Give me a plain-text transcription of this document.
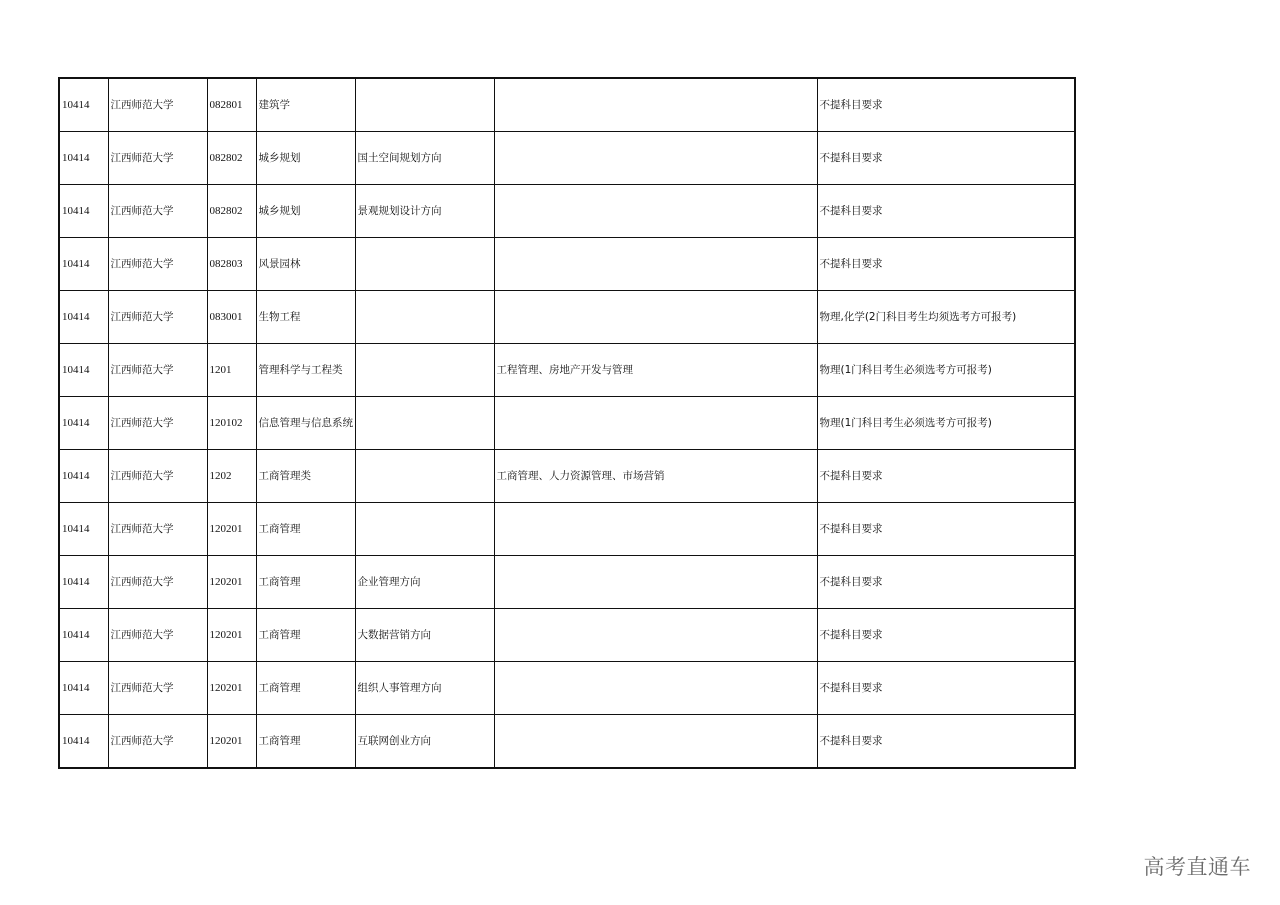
10414	江西师范大学	082801	建筑学			不提科目要求
10414	江西师范大学	082802	城乡规划	国土空间规划方向		不提科目要求
10414	江西师范大学	082802	城乡规划	景观规划设计方向		不提科目要求
10414	江西师范大学	082803	风景园林			不提科目要求
10414	江西师范大学	083001	生物工程			物理,化学(2门科目考生均须选考方可报考)
10414	江西师范大学	1201	管理科学与工程类		工程管理、房地产开发与管理	物理(1门科目考生必须选考方可报考)
10414	江西师范大学	120102	信息管理与信息系统			物理(1门科目考生必须选考方可报考)
10414	江西师范大学	1202	工商管理类		工商管理、人力资源管理、市场营销	不提科目要求
10414	江西师范大学	120201	工商管理			不提科目要求
10414	江西师范大学	120201	工商管理	企业管理方向		不提科目要求
10414	江西师范大学	120201	工商管理	大数据营销方向		不提科目要求
10414	江西师范大学	120201	工商管理	组织人事管理方向		不提科目要求
10414	江西师范大学	120201	工商管理	互联网创业方向		不提科目要求
高考直通车
